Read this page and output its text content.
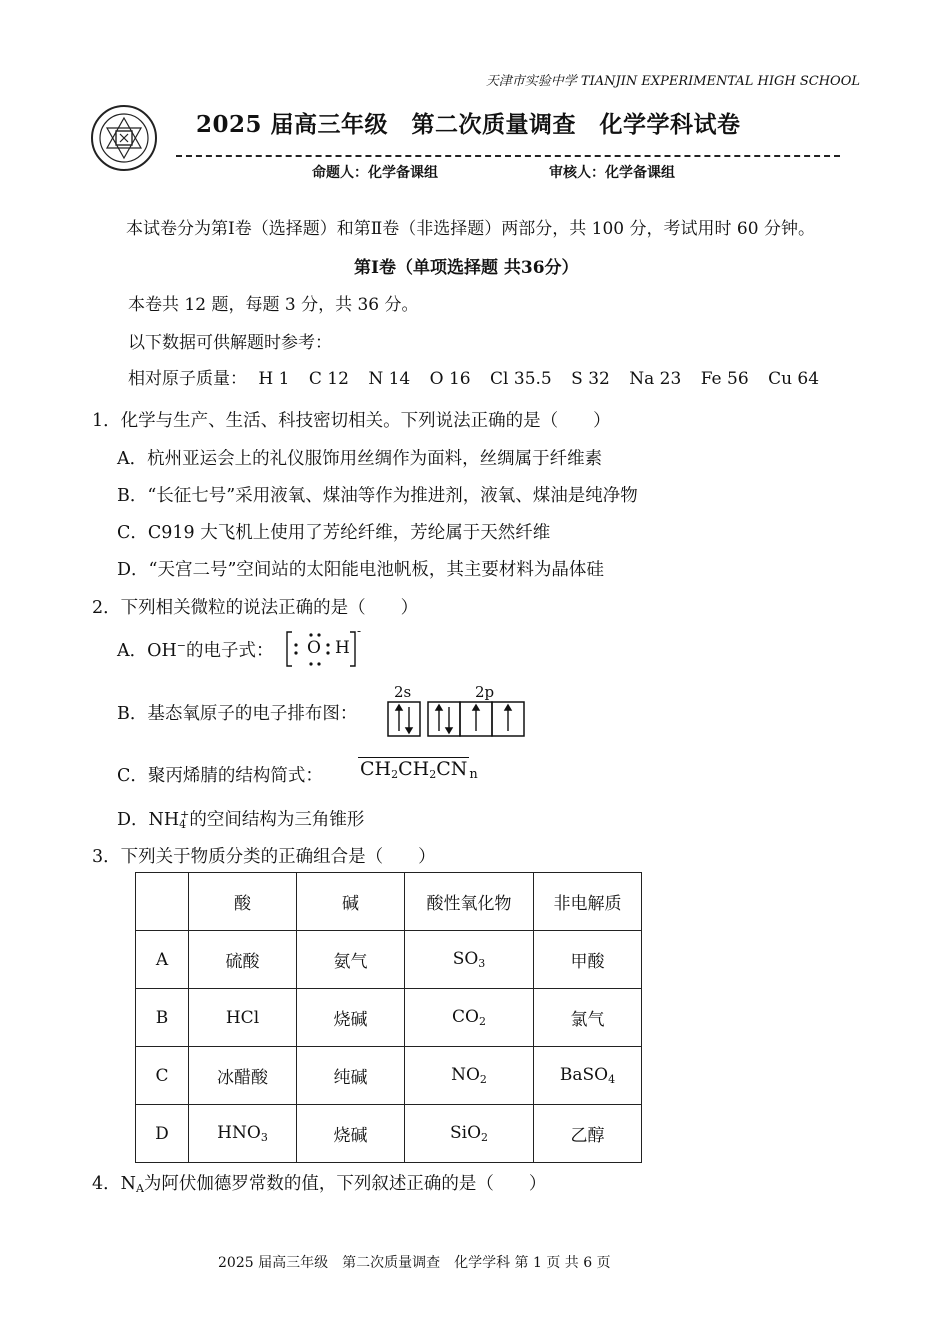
天津市实验中学 TIANJIN EXPERIMENTAL HIGH SCHOOL
2025 届高三年级　第二次质量调查　化学学科试卷
命题人：化学备课组	审核人：化学备课组
本试卷分为第Ⅰ卷（选择题）和第Ⅱ卷（非选择题）两部分，共 100 分，考试用时 60 分钟。
第Ⅰ卷（单项选择题 共36分）
本卷共 12 题，每题 3 分，共 36 分。
以下数据可供解题时参考：
相对原子质量： H 1 C 12 N 14 O 16 Cl 35.5 S 32 Na 23 Fe 56 Cu 64
1．化学与生产、生活、科技密切相关。下列说法正确的是（　　）
A．杭州亚运会上的礼仪服饰用丝绸作为面料，丝绸属于纤维素
B．“长征七号”采用液氧、煤油等作为推进剂，液氧、煤油是纯净物
C．C919 大飞机上使用了芳纶纤维，芳纶属于天然纤维
D．“天宫二号”空间站的太阳能电池帆板，其主要材料为晶体硅
2．下列相关微粒的说法正确的是（　　）
A．OH−的电子式： O H
-
B．基态氧原子的电子排布图：
2s	2p
C．聚丙烯腈的结构简式：	$CH_2CH_2CN$ $_n$
D．$NH_4^+$的空间结构为三角锥形
3．下列关于物质分类的正确组合是（　　）
	酸	碱	酸性氧化物	非电解质
A	硫酸	氨气	$SO_3$	甲酸
B	HCl	烧碱	$CO_2$	氯气
C	冰醋酸	纯碱	$NO_2$	BaSO$_4$
D	$HNO_3$	烧碱	SiO$_2$	乙醇
4．$N_A$为阿伏伽德罗常数的值，下列叙述正确的是（　　）
2025 届高三年级　第二次质量调查　化学学科 第 1 页 共 6 页
